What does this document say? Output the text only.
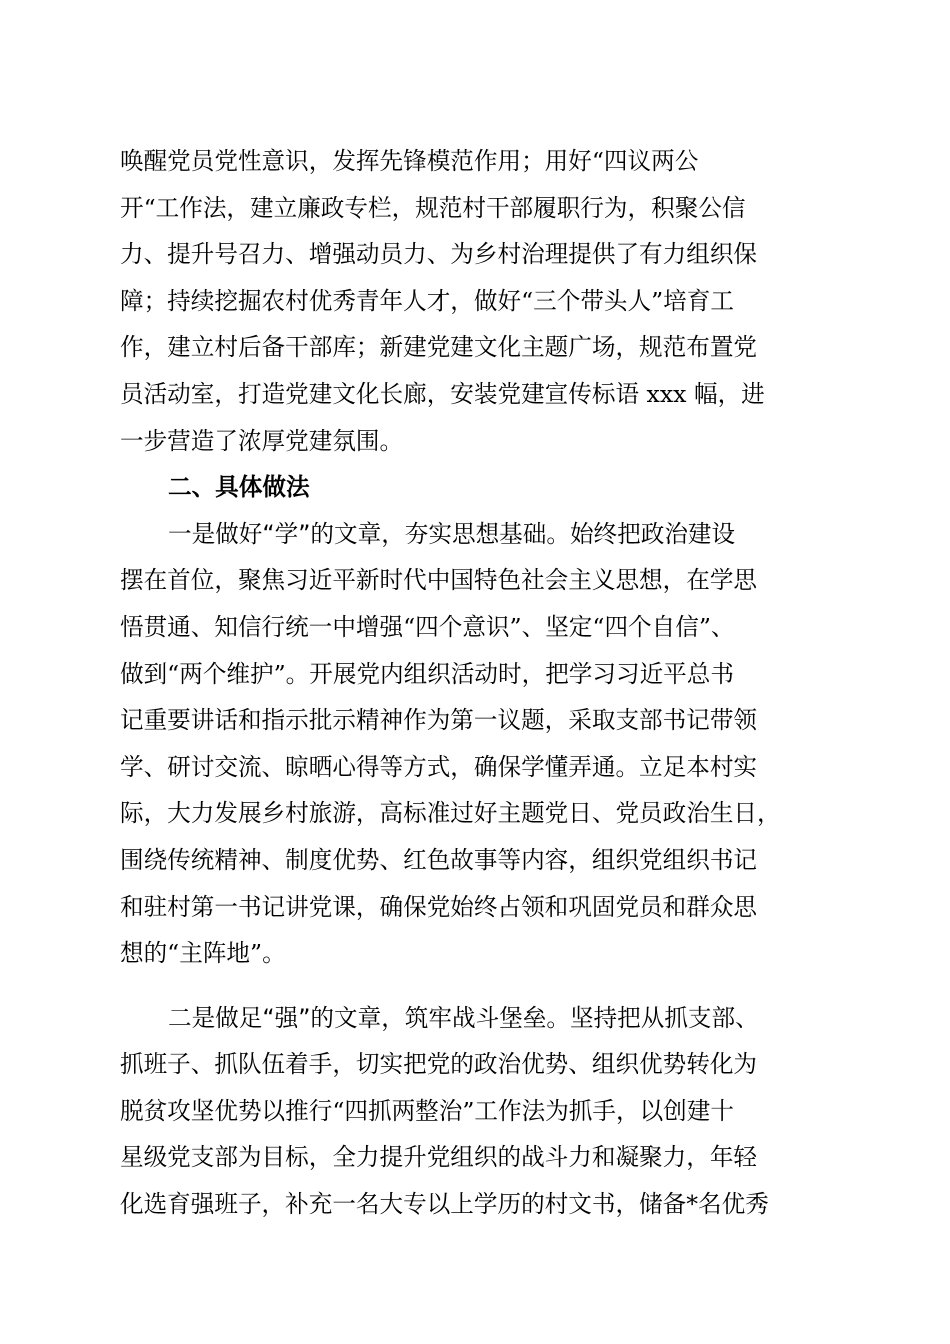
唤醒党员党性意识，发挥先锋模范作用；用好“四议两公
开“工作法，建立廉政专栏，规范村干部履职行为，积聚公信
力、提升号召力、增强动员力、为乡村治理提供了有力组织保
障；持续挖掘农村优秀青年人才，做好“三个带头人”培育工
作，建立村后备干部库；新建党建文化主题广场，规范布置党
员活动室，打造党建文化长廊，安装党建宣传标语 xxx 幅，进
一步营造了浓厚党建氛围。
二、具体做法
一是做好“学”的文章，夯实思想基础。始终把政治建设
摆在首位，聚焦习近平新时代中国特色社会主义思想，在学思
悟贯通、知信行统一中增强“四个意识”、坚定“四个自信”、
做到“两个维护”。开展党内组织活动时，把学习习近平总书
记重要讲话和指示批示精神作为第一议题，采取支部书记带领
学、研讨交流、晾晒心得等方式，确保学懂弄通。立足本村实
际，大力发展乡村旅游，高标准过好主题党日、党员政治生日，
围绕传统精神、制度优势、红色故事等内容，组织党组织书记
和驻村第一书记讲党课，确保党始终占领和巩固党员和群众思
想的“主阵地”。
二是做足“强”的文章，筑牢战斗堡垒。坚持把从抓支部、
抓班子、抓队伍着手，切实把党的政治优势、组织优势转化为
脱贫攻坚优势以推行“四抓两整治”工作法为抓手，以创建十
星级党支部为目标，全力提升党组织的战斗力和凝聚力，年轻
化选育强班子，补充一名大专以上学历的村文书，储备*名优秀
